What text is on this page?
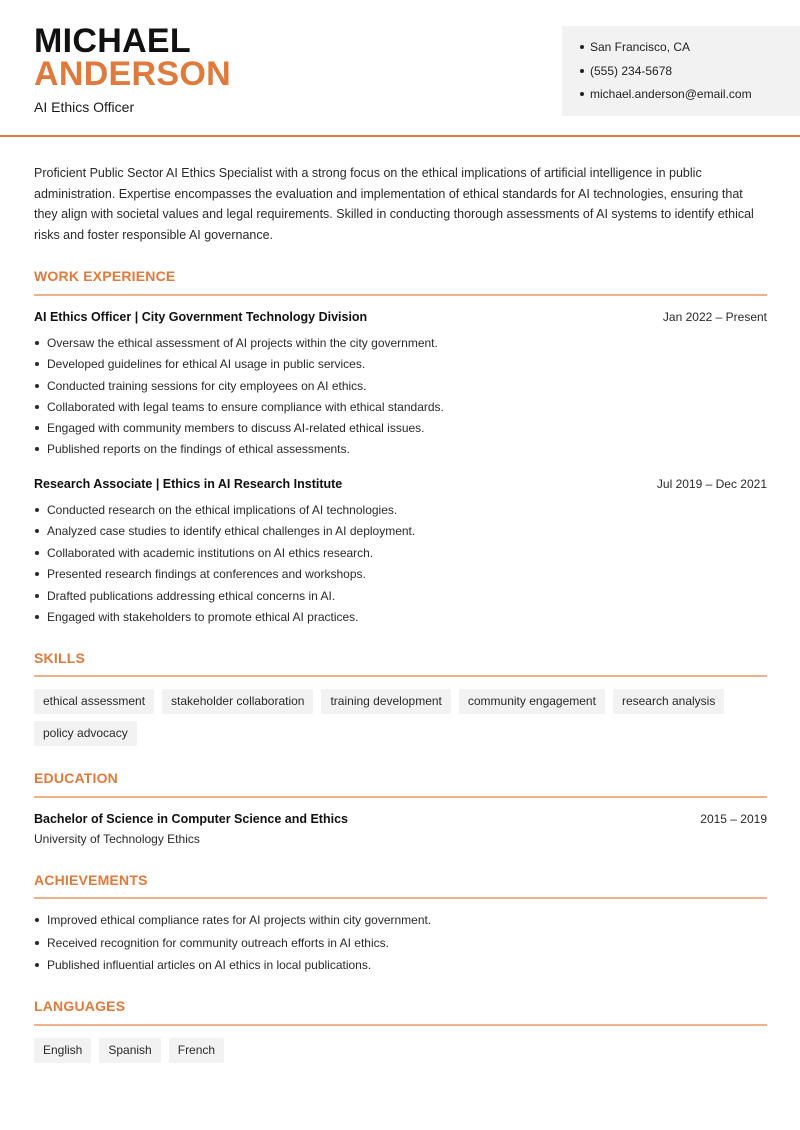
MICHAEL
ANDERSON
AI Ethics Officer
San Francisco, CA
(555) 234-5678
michael.anderson@email.com

Proficient Public Sector AI Ethics Specialist with a strong focus on the ethical implications of artificial intelligence in public administration. Expertise encompasses the evaluation and implementation of ethical standards for AI technologies, ensuring that they align with societal values and legal requirements. Skilled in conducting thorough assessments of AI systems to identify ethical risks and foster responsible AI governance.

WORK EXPERIENCE
AI Ethics Officer | City Government Technology Division	Jan 2022 – Present
Oversaw the ethical assessment of AI projects within the city government.
Developed guidelines for ethical AI usage in public services.
Conducted training sessions for city employees on AI ethics.
Collaborated with legal teams to ensure compliance with ethical standards.
Engaged with community members to discuss AI-related ethical issues.
Published reports on the findings of ethical assessments.
Research Associate | Ethics in AI Research Institute	Jul 2019 – Dec 2021
Conducted research on the ethical implications of AI technologies.
Analyzed case studies to identify ethical challenges in AI deployment.
Collaborated with academic institutions on AI ethics research.
Presented research findings at conferences and workshops.
Drafted publications addressing ethical concerns in AI.
Engaged with stakeholders to promote ethical AI practices.
SKILLS
ethical assessment	stakeholder collaboration	training development	community engagement	research analysis
policy advocacy
EDUCATION
Bachelor of Science in Computer Science and Ethics	2015 – 2019
University of Technology Ethics
ACHIEVEMENTS
Improved ethical compliance rates for AI projects within city government.
Received recognition for community outreach efforts in AI ethics.
Published influential articles on AI ethics in local publications.
LANGUAGES
English	Spanish	French
